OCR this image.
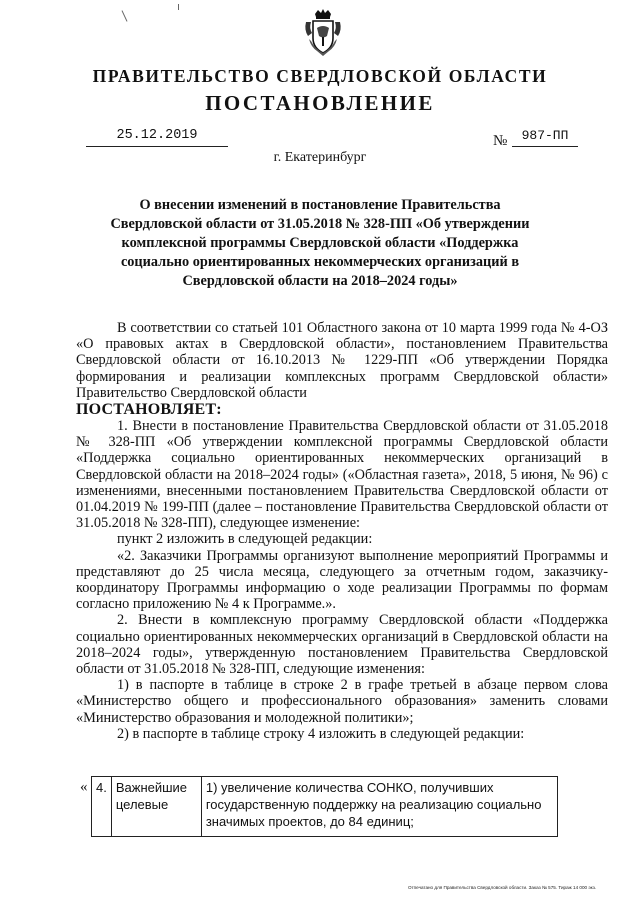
ПРАВИТЕЛЬСТВО СВЕРДЛОВСКОЙ ОБЛАСТИ
ПОСТАНОВЛЕНИЕ
25.12.2019	№	987-ПП
г. Екатеринбург
О внесении изменений в постановление Правительства Свердловской области от 31.05.2018 № 328-ПП «Об утверждении комплексной программы Свердловской области «Поддержка социально ориентированных некоммерческих организаций в Свердловской области на 2018–2024 годы»

В соответствии со статьей 101 Областного закона от 10 марта 1999 года № 4-ОЗ «О правовых актах в Свердловской области», постановлением Правительства Свердловской области от 16.10.2013 № 1229-ПП «Об утверждении Порядка формирования и реализации комплексных программ Свердловской области» Правительство Свердловской области

ПОСТАНОВЛЯЕТ:

1. Внести в постановление Правительства Свердловской области от 31.05.2018 № 328-ПП «Об утверждении комплексной программы Свердловской области «Поддержка социально ориентированных некоммерческих организаций в Свердловской области на 2018–2024 годы» («Областная газета», 2018, 5 июня, № 96) с изменениями, внесенными постановлением Правительства Свердловской области от 01.04.2019 № 199-ПП (далее – постановление Правительства Свердловской области от 31.05.2018 № 328-ПП), следующее изменение:

пункт 2 изложить в следующей редакции:

«2. Заказчики Программы организуют выполнение мероприятий Программы и представляют до 25 числа месяца, следующего за отчетным годом, заказчику-координатору Программы информацию о ходе реализации Программы по формам согласно приложению № 4 к Программе.».

2. Внести в комплексную программу Свердловской области «Поддержка социально ориентированных некоммерческих организаций в Свердловской области на 2018–2024 годы», утвержденную постановлением Правительства Свердловской области от 31.05.2018 № 328-ПП, следующие изменения:

1) в паспорте в таблице в строке 2 в графе третьей в абзаце первом слова «Министерство общего и профессионального образования» заменить словами «Министерство образования и молодежной политики»;

2) в паспорте в таблице строку 4 изложить в следующей редакции:

« 4.	Важнейшие целевые	1) увеличение количества СОНКО, получивших государственную поддержку на реализацию социально значимых проектов, до 84 единиц;
Отпечатано для Правительства Свердловской области. Заказ № 575. Тираж 14 000 экз.
